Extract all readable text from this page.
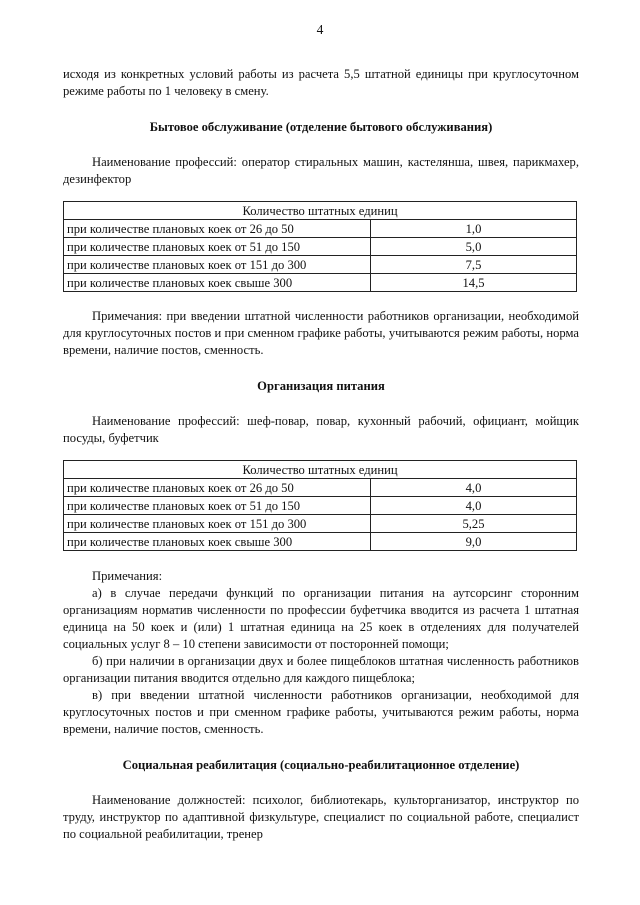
4

исходя из конкретных условий работы из расчета 5,5 штатной единицы при круглосуточном режиме работы по 1 человеку в смену.

Бытовое обслуживание (отделение бытового обслуживания)

Наименование профессий: оператор стиральных машин, кастелянша, швея, парикмахер, дезинфектор

Количество штатных единиц	
при количестве плановых коек от 26 до 50	1,0
при количестве плановых коек от 51 до 150	5,0
при количестве плановых коек от 151 до 300	7,5
при количестве плановых коек свыше 300	14,5

Примечания: при введении штатной численности работников организации, необходимой для круглосуточных постов и при сменном графике работы, учитываются режим работы, норма времени, наличие постов, сменность.

Организация питания

Наименование профессий: шеф-повар, повар, кухонный рабочий, официант, мойщик посуды, буфетчик

Количество штатных единиц	
при количестве плановых коек от 26 до 50	4,0
при количестве плановых коек от 51 до 150	4,0
при количестве плановых коек от 151 до 300	5,25
при количестве плановых коек свыше 300	9,0

Примечания:

а) в случае передачи функций по организации питания на аутсорсинг сторонним организациям норматив численности по профессии буфетчика вводится из расчета 1 штатная единица на 50 коек и (или) 1 штатная единица на 25 коек в отделениях для получателей социальных услуг 8 – 10 степени зависимости от посторонней помощи;

б) при наличии в организации двух и более пищеблоков штатная численность работников организации питания вводится отдельно для каждого пищеблока;

в) при введении штатной численности работников организации, необходимой для круглосуточных постов и при сменном графике работы, учитываются режим работы, норма времени, наличие постов, сменность.

Социальная реабилитация (социально-реабилитационное отделение)

Наименование должностей: психолог, библиотекарь, культорганизатор, инструктор по труду, инструктор по адаптивной физкультуре, специалист по социальной работе, специалист по социальной реабилитации, тренер
